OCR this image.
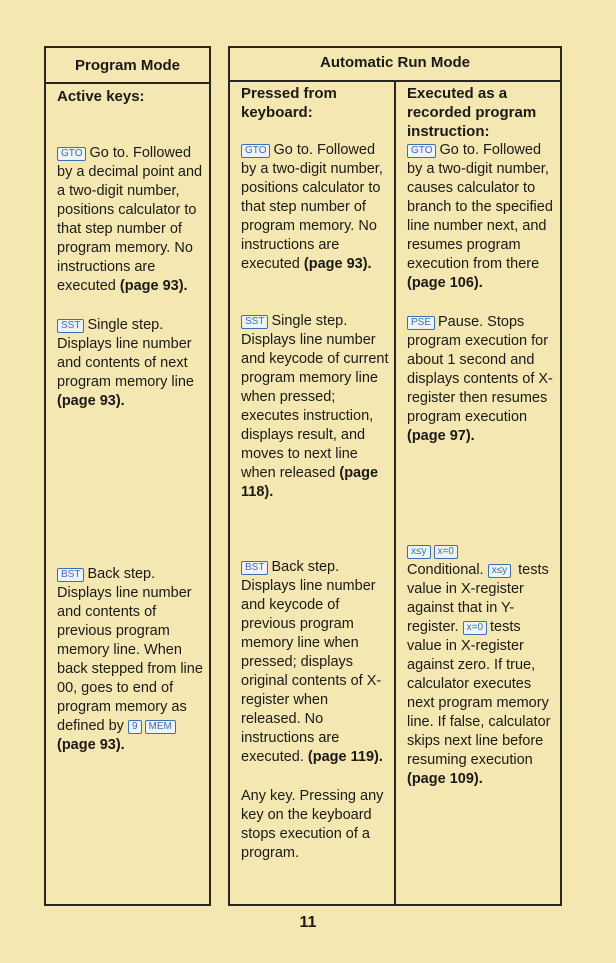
Program Mode	Automatic Run Mode

Active keys:

GTO Go to. Followed by a decimal point and a two-digit number, positions calculator to that step number of program memory. No instructions are executed (page 93).

SST Single step. Displays line number and contents of next program memory line (page 93).

BST Back step. Displays line number and contents of previous program memory line. When back stepped from line 00, goes to end of program memory as defined by 9 MEM(page 93).

Pressed from keyboard:

GTO Go to. Followed by a two-digit number, positions calculator to that step number of program memory. No instructions are executed (page 93).

SST Single step. Displays line number and keycode of current program memory line when pressed; executes instruction, displays result, and moves to next line when released (page 118).

BST Back step. Displays line number and keycode of previous program memory line when pressed; displays original contents of X-register when released. No instructions are executed. (page 119).

Any key. Pressing any key on the keyboard stops execution of a program.

Executed as a recorded program instruction:

GTO Go to. Followed by a two-digit number, causes calculator to branch to the specified line number next, and resumes program execution from there (page 106).

PSE Pause. Stops program execution for about 1 second and displays contents of X-register then resumes program execution (page 97).

x≤y x=0
Conditional. x≤y tests value in X-register against that in Y-register. x=0 tests value in X-register against zero. If true, calculator executes next program memory line. If false, calculator skips next line before resuming execution (page 109).

11
